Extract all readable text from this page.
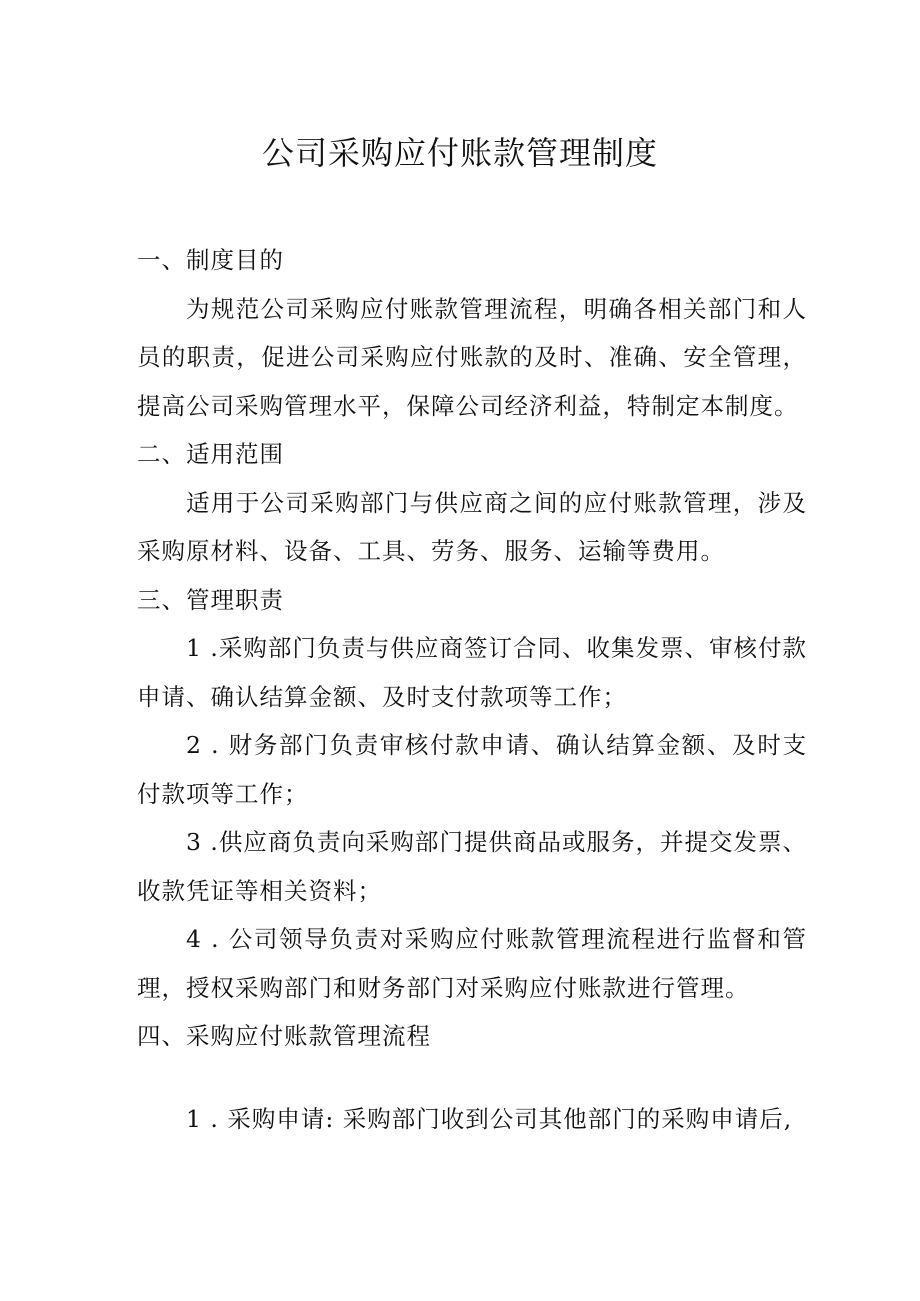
公司采购应付账款管理制度

一、制度目的

为规范公司采购应付账款管理流程，明确各相关部门和人员的职责，促进公司采购应付账款的及时、准确、安全管理，提高公司采购管理水平，保障公司经济利益，特制定本制度。

二、适用范围

适用于公司采购部门与供应商之间的应付账款管理，涉及采购原材料、设备、工具、劳务、服务、运输等费用。

三、管理职责

1 .采购部门负责与供应商签订合同、收集发票、审核付款申请、确认结算金额、及时支付款项等工作；

2 . 财务部门负责审核付款申请、确认结算金额、及时支付款项等工作；

3 .供应商负责向采购部门提供商品或服务，并提交发票、收款凭证等相关资料；

4 . 公司领导负责对采购应付账款管理流程进行监督和管理，授权采购部门和财务部门对采购应付账款进行管理。

四、采购应付账款管理流程

1 . 采购申请: 采购部门收到公司其他部门的采购申请后,
